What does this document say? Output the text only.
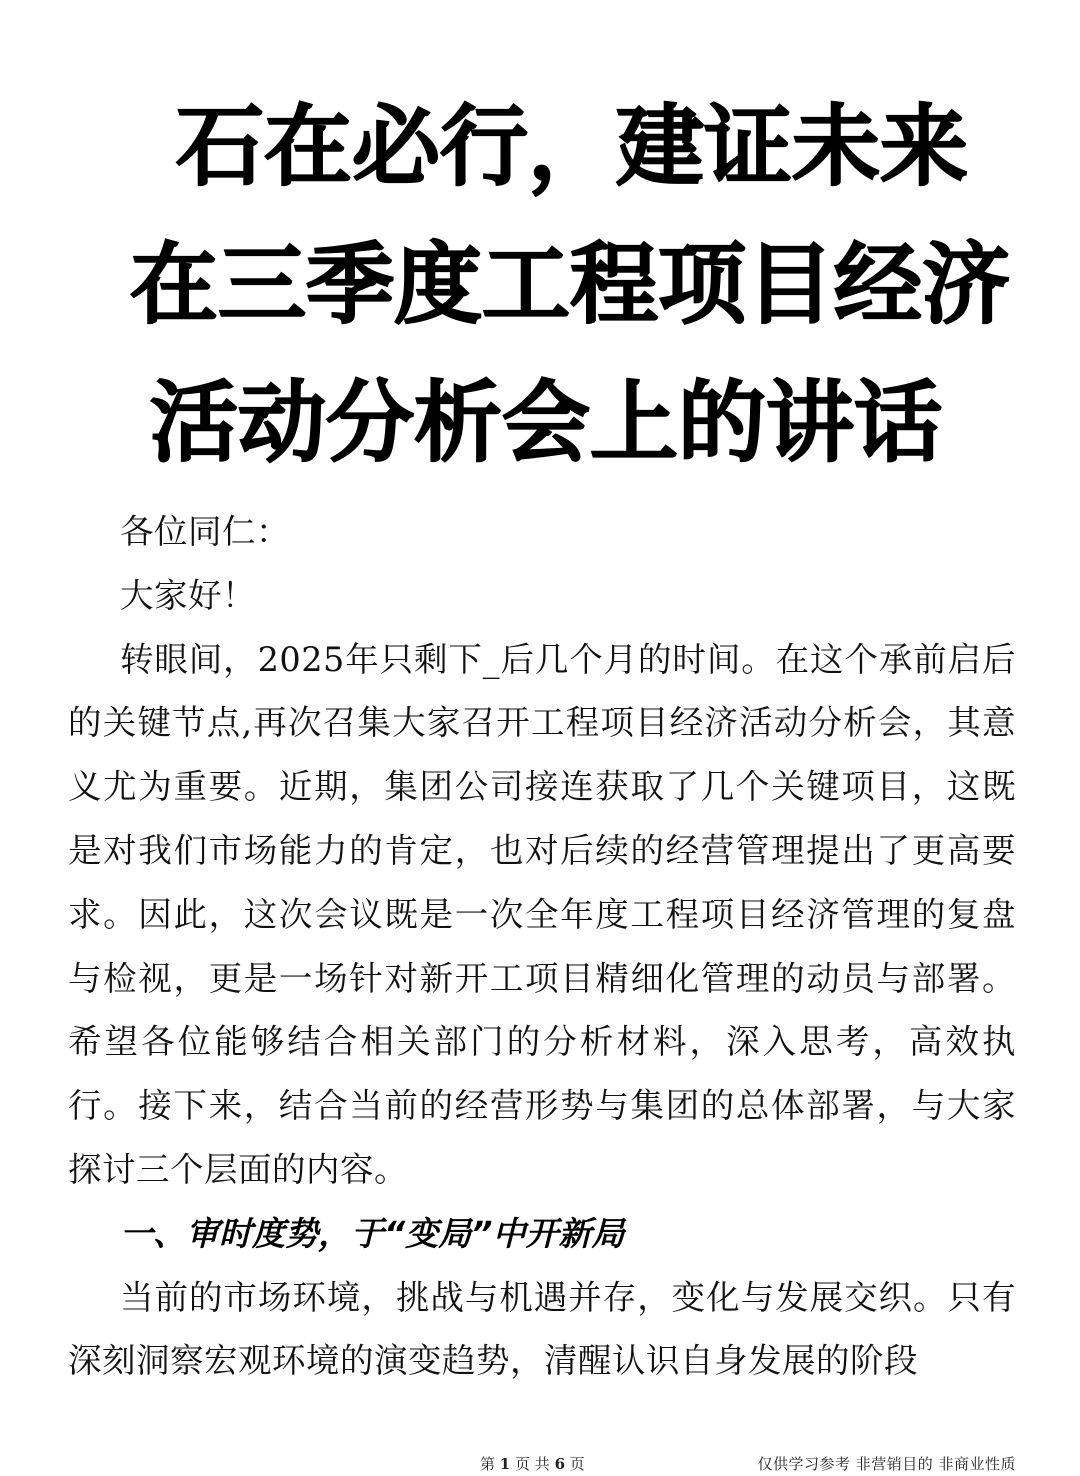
石在必行，建证未来
在三季度工程项目经济
活动分析会上的讲话

各位同仁：

大家好！

转眼间，2025年只剩下_后几个月的时间。在这个承前启后的关键节点,再次召集大家召开工程项目经济活动分析会，其意义尤为重要。近期，集团公司接连获取了几个关键项目，这既是对我们市场能力的肯定，也对后续的经营管理提出了更高要求。因此，这次会议既是一次全年度工程项目经济管理的复盘与检视，更是一场针对新开工项目精细化管理的动员与部署。希望各位能够结合相关部门的分析材料，深入思考，高效执行。接下来，结合当前的经营形势与集团的总体部署，与大家探讨三个层面的内容。

一、审时度势，于“变局”中开新局

当前的市场环境，挑战与机遇并存，变化与发展交织。只有深刻洞察宏观环境的演变趋势，清醒认识自身发展的阶段

第 1 页 共 6 页	仅供学习参考 非营销目的 非商业性质
